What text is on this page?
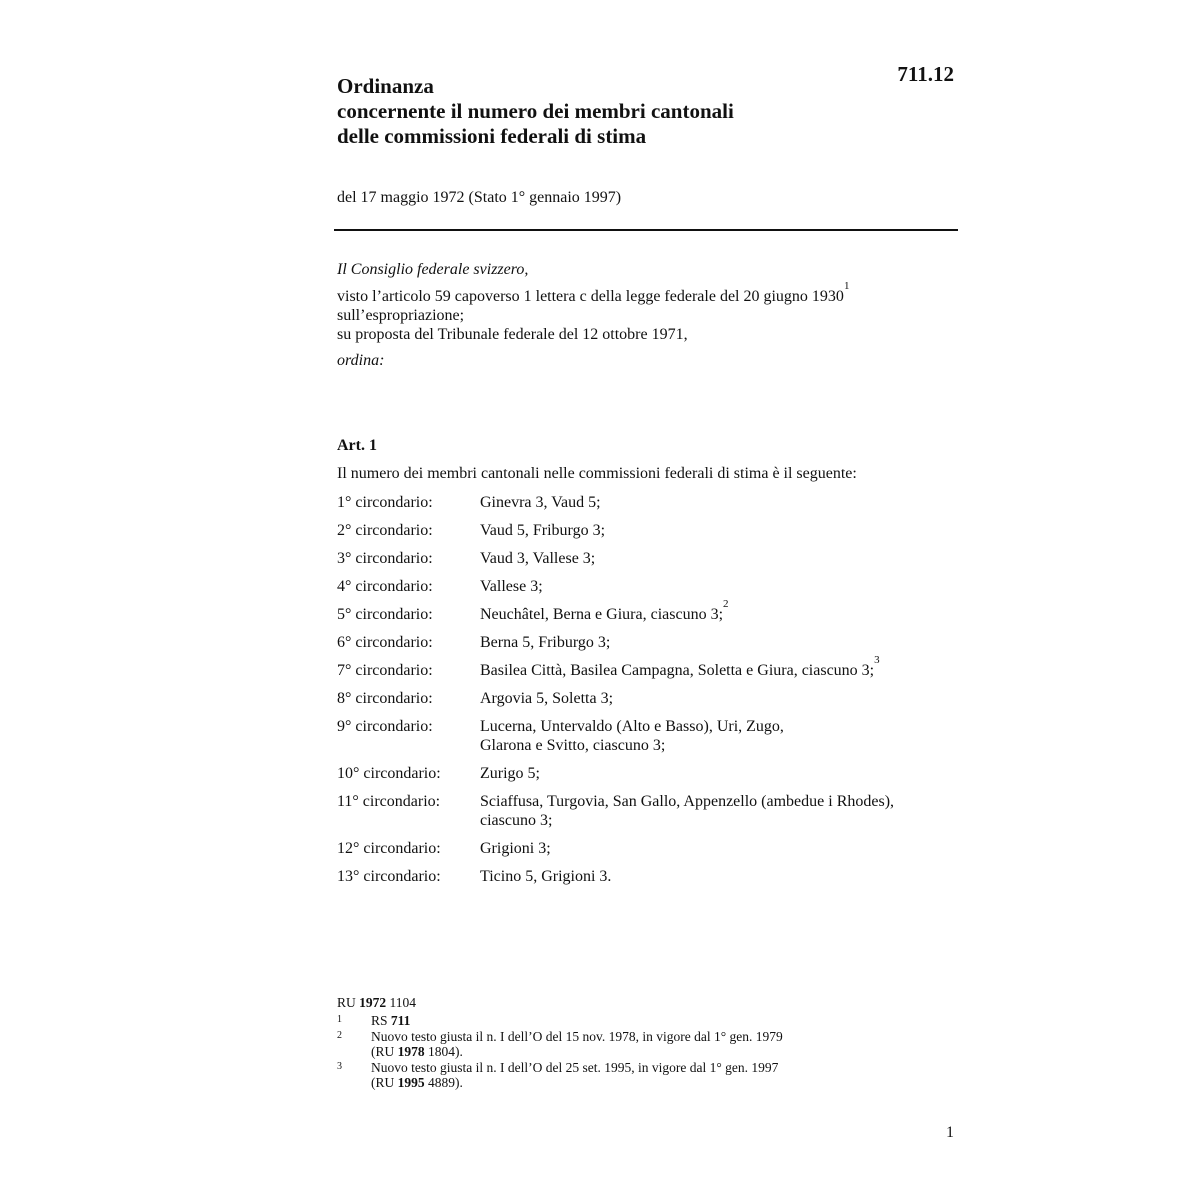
711.12
Ordinanza
concernente il numero dei membri cantonali
delle commissioni federali di stima
del 17 maggio 1972 (Stato 1° gennaio 1997)
Il Consiglio federale svizzero,
visto l’articolo 59 capoverso 1 lettera c della legge federale del 20 giugno 1930$^1$
sull’espropriazione;
su proposta del Tribunale federale del 12 ottobre 1971,
ordina:
Art. 1
Il numero dei membri cantonali nelle commissioni federali di stima è il seguente:
1° circondario:	Ginevra 3, Vaud 5;
2° circondario:	Vaud 5, Friburgo 3;
3° circondario:	Vaud 3, Vallese 3;
4° circondario:	Vallese 3;
5° circondario:	Neuchâtel, Berna e Giura, ciascuno 3;$^2$
6° circondario:	Berna 5, Friburgo 3;
7° circondario:	Basilea Città, Basilea Campagna, Soletta e Giura, ciascuno 3;$^3$
8° circondario:	Argovia 5, Soletta 3;
9° circondario:	Lucerna, Untervaldo (Alto e Basso), Uri, Zugo,
Glarona e Svitto, ciascuno 3;
10° circondario:	Zurigo 5;
11° circondario:	Sciaffusa, Turgovia, San Gallo, Appenzello (ambedue i Rhodes),
ciascuno 3;
12° circondario:	Grigioni 3;
13° circondario:	Ticino 5, Grigioni 3.
RU 1972 1104
1	RS 711
2	Nuovo testo giusta il n. I dell’O del 15 nov. 1978, in vigore dal 1° gen. 1979
(RU 1978 1804).
3	Nuovo testo giusta il n. I dell’O del 25 set. 1995, in vigore dal 1° gen. 1997
(RU 1995 4889).
1
